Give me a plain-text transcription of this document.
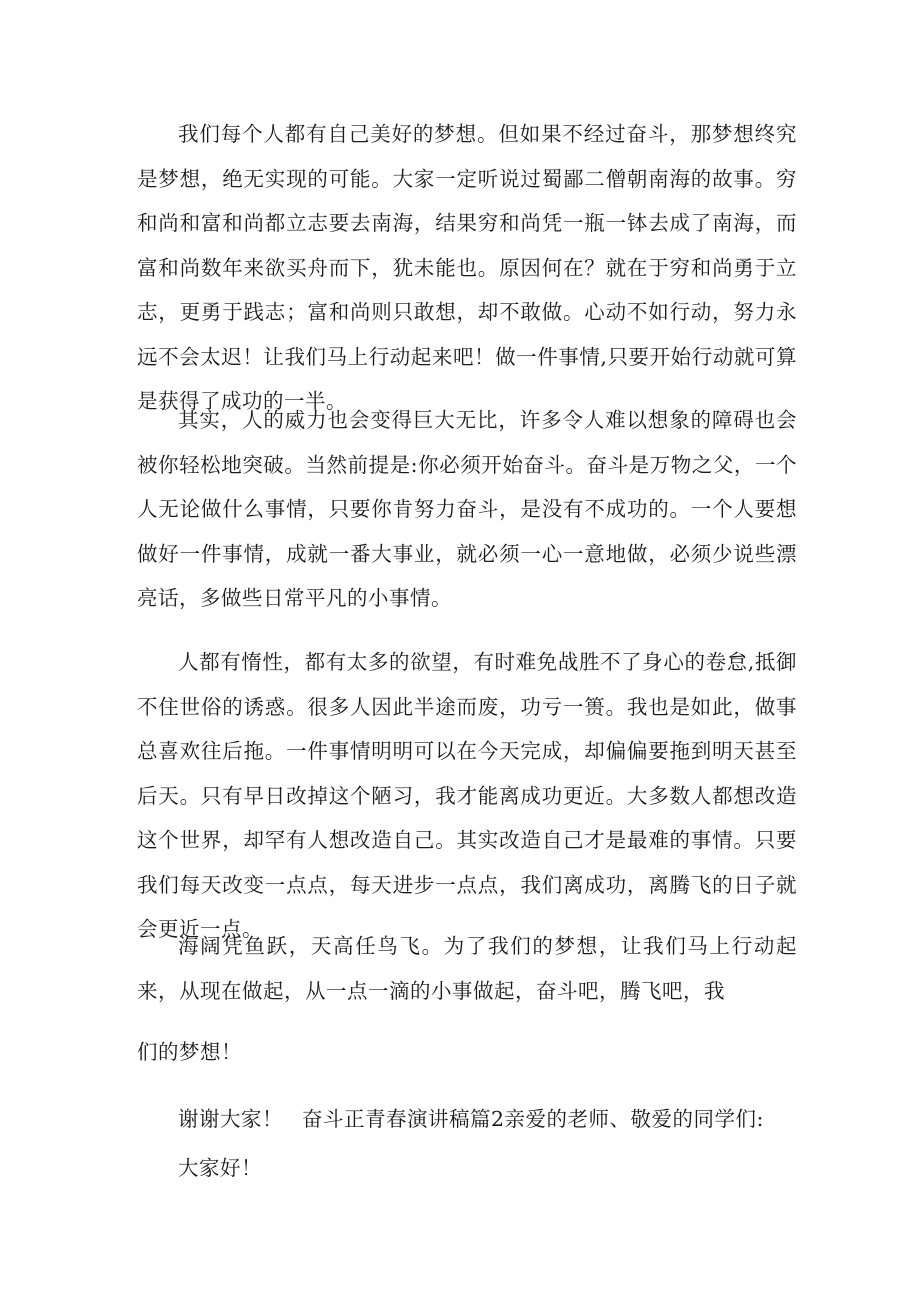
我们每个人都有自己美好的梦想。但如果不经过奋斗，那梦想终究是梦想，绝无实现的可能。大家一定听说过蜀鄙二僧朝南海的故事。穷和尚和富和尚都立志要去南海，结果穷和尚凭一瓶一钵去成了南海，而富和尚数年来欲买舟而下，犹未能也。原因何在？就在于穷和尚勇于立志，更勇于践志；富和尚则只敢想，却不敢做。心动不如行动，努力永远不会太迟！让我们马上行动起来吧！做一件事情,只要开始行动就可算是获得了成功的一半。

其实，人的威力也会变得巨大无比，许多令人难以想象的障碍也会被你轻松地突破。当然前提是:你必须开始奋斗。奋斗是万物之父，一个人无论做什么事情，只要你肯努力奋斗，是没有不成功的。一个人要想做好一件事情，成就一番大事业，就必须一心一意地做，必须少说些漂亮话，多做些日常平凡的小事情。

人都有惰性，都有太多的欲望，有时难免战胜不了身心的卷怠,抵御不住世俗的诱惑。很多人因此半途而废，功亏一篑。我也是如此，做事总喜欢往后拖。一件事情明明可以在今天完成，却偏偏要拖到明天甚至后天。只有早日改掉这个陋习，我才能离成功更近。大多数人都想改造这个世界，却罕有人想改造自己。其实改造自己才是最难的事情。只要我们每天改变一点点，每天进步一点点，我们离成功，离腾飞的日子就会更近一点。

海阔凭鱼跃，天高任鸟飞。为了我们的梦想，让我们马上行动起来，从现在做起，从一点一滴的小事做起，奋斗吧，腾飞吧，我

们的梦想！

谢谢大家！ 奋斗正青春演讲稿篇2亲爱的老师、敬爱的同学们:

大家好！
